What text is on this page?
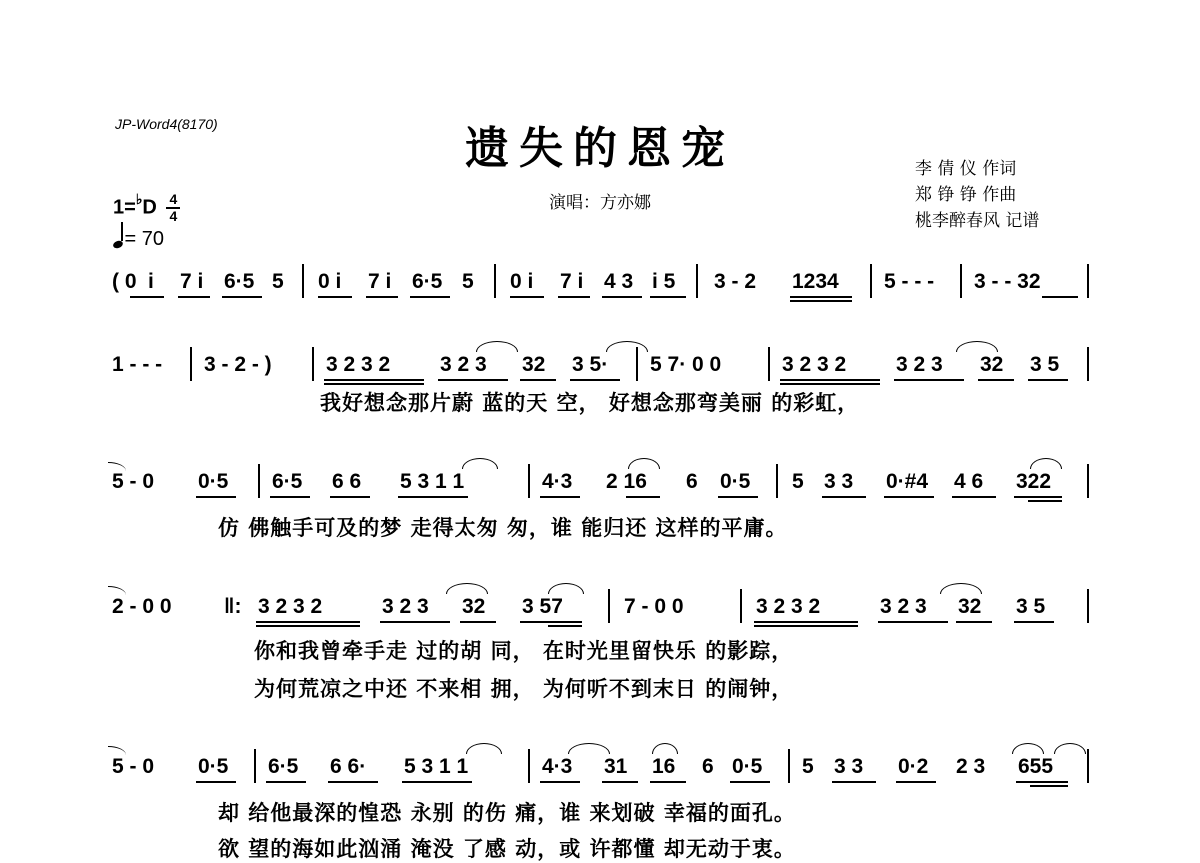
JP-Word4(8170)	遗失的恩宠
演唱：方亦娜
李 倩 仪 作词
郑 铮 铮 作曲
桃李醉春风 记谱
$1=^♭D \frac{4}{4}$
= 70
( 0 i 7 i 6·5 5 0 i 7 i 6·5 5 0 i 7 i 4 3 i 5 3 - 2 1234 5 - - - 3 - - 32
1 - - - 3 - 2 - )	3 2 3 2 3 2 3 32 3 5· 5 7· 0 0	3 2 3 2 3 2 3 32 3 5
我好想念那片蔚 蓝的天 空， 好想念那弯美丽 的彩虹，
5 - 0 0·5 6·5 6 6 5 3 1 1	4·3 2 16 6 0·5 5 3 3 0·#4 4 6 322
仿 佛触手可及的梦 走得太匆 匆，谁 能归还 这样的平庸。
2 - 0 0 ‖: 3 2 3 2	3 2 3 32 3 57	7 - 0 0	3 2 3 2	3 2 3 32 3 5
你和我曾牵手走 过的胡 同， 在时光里留快乐 的影踪，
为何荒凉之中还 不来相 拥， 为何听不到末日 的闹钟，
5 - 0 0·5 6·5 6 6· 5 3 1 1	4·3 31 16 6 0·5 5 3 3 0·2 2 3 655
却 给他最深的惶恐 永别 的伤 痛，谁 来划破 幸福的面孔。
欲 望的海如此汹涌 淹没 了感 动，或 许都懂 却无动于衷。
